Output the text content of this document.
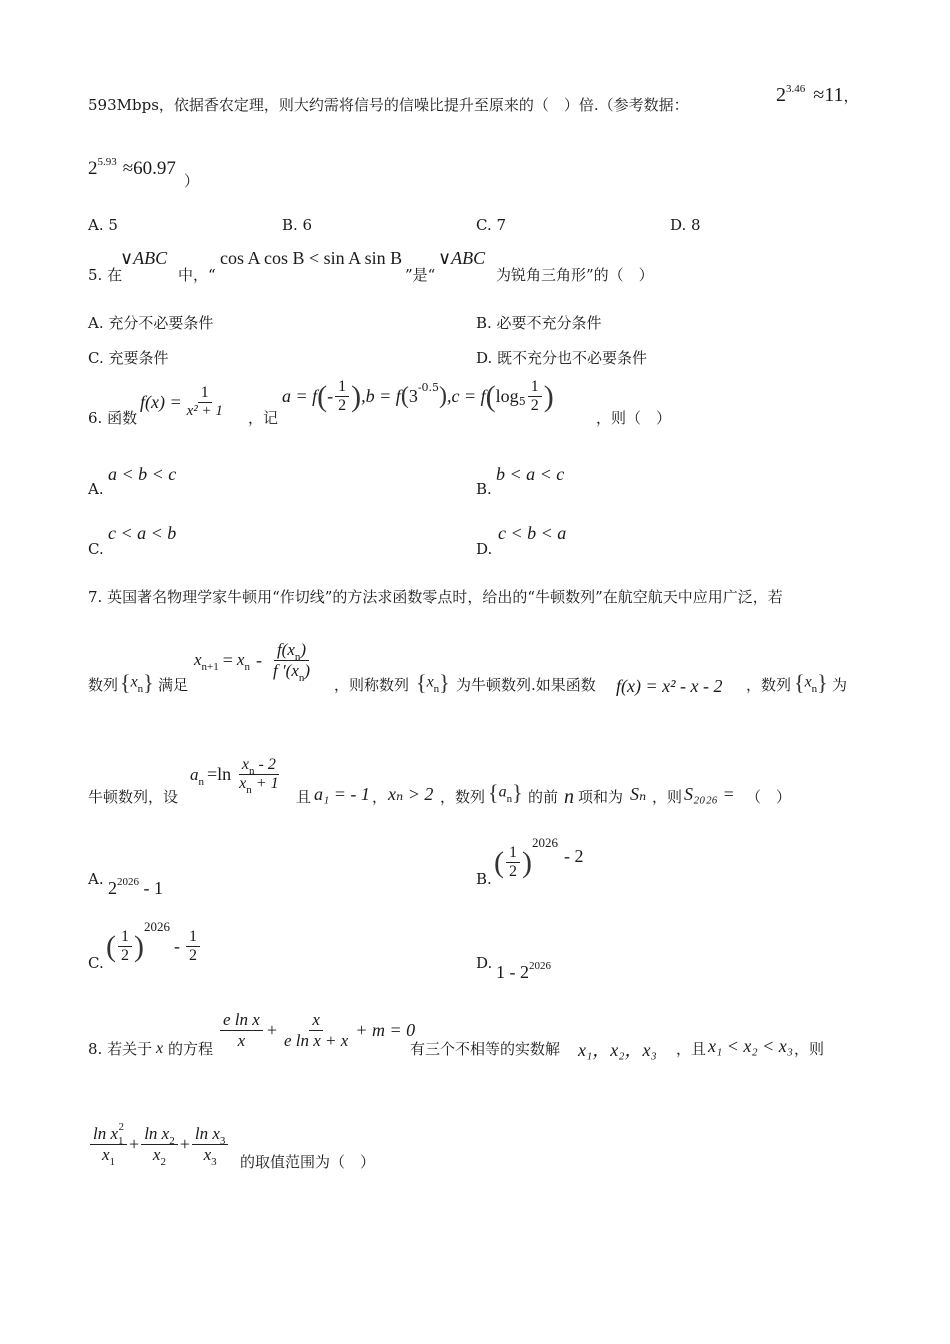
593Mbps，依据香农定理，则大约需将信号的信噪比提升至原来的（　）倍.（参考数据：	$2^{3.46} \approx 11$，
$2^{5.93} \approx 60.97$
）
A. 5	B. 6	C. 7	D. 8
5. 在
∨ABC
中，“
cos A cos B < sin A sin B
”是“
∨ABC
为锐角三角形”的（　）
A. 充分不必要条件	B. 必要不充分条件
C. 充要条件	D. 既不充分也不必要条件
6. 函数
$f(x) = \frac{1}{\text{x² + 1}}$ ，记
a = f ( - $\frac{1}{2}$ ) ,b = f ( 3 -0.5 ) ,c = f ( $\log 5 \frac{1}{2}$ )
，则（　）
A.
a < b < c
B.
b < a < c
C.
c < a < b
D.
c < b < a
7. 英国著名物理学家牛顿用“作切线”的方法求函数零点时，给出的“牛顿数列”在航空航天中应用广泛，若
数列 $\{x_n\}$ 满足
$x_{n+1} = x_n - \frac{f(x_n)}{f '(x_n)}$
，则称数列 $\{x_n\}$ 为牛顿数列.如果函数 f(x) = x² - x - 2 ，数列 $\{x_n\}$ 为
牛顿数列，设
$a_n =\ln \frac{x_n - 2}{x_n + 1}$
且 a₁ = - 1 ， xₙ > 2 ，数列 $\{a_n\}$ 的前 n 项和为 Sₙ ，则 S₂₀₂₆ = （　）
A. $2^{2026} - 1$	B.
( $\frac{1}{2}$ )
2026
- 2
C.
( $\frac{1}{2}$ )
2026
- $\frac{1}{2}$	D. $1 - 2^{2026}$
8. 若关于 x 的方程 $\frac{\text{e ln x}}{x} + \frac{x}{\text{e ln x + x}} + m = 0$
有三个不相等的实数解 x₁，x₂，x₃ ，且 x₁ < x₂ < x₃ ，则
$\frac{\ln x_1^2}{x_1} + \frac{\ln x_2}{x_2} + \frac{\ln x_3}{x_3}$ 的取值范围为（　）
